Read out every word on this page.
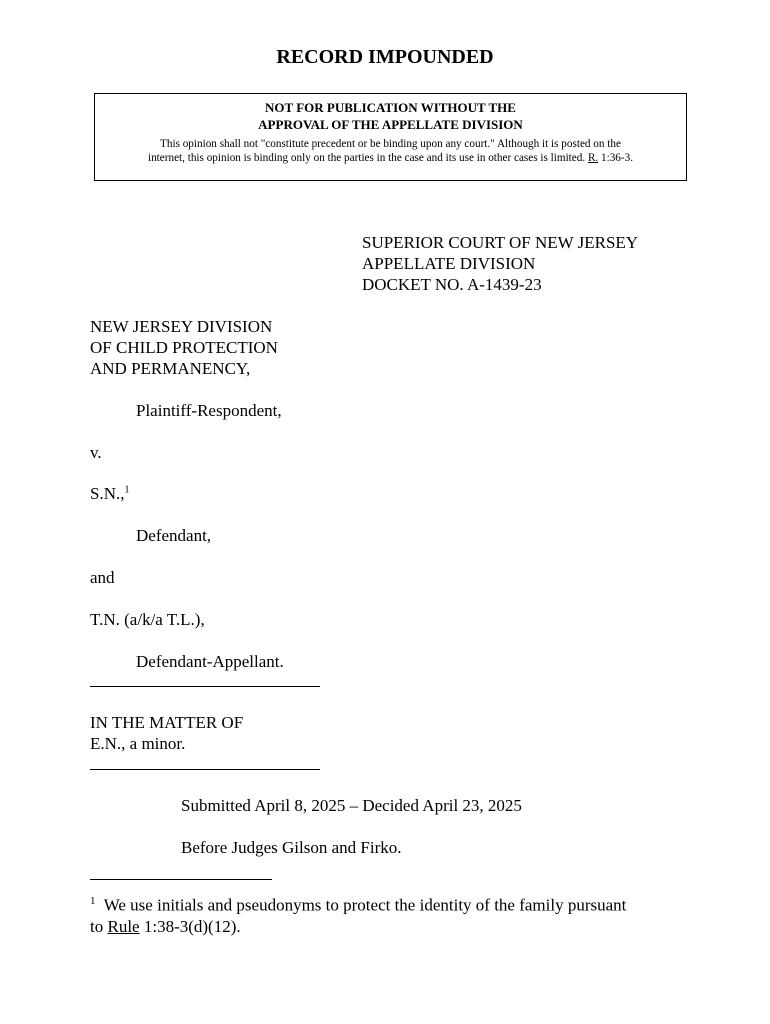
RECORD IMPOUNDED
NOT FOR PUBLICATION WITHOUT THE
APPROVAL OF THE APPELLATE DIVISION
This opinion shall not "constitute precedent or be binding upon any court." Although it is posted on the
internet, this opinion is binding only on the parties in the case and its use in other cases is limited. R. 1:36-3.
SUPERIOR COURT OF NEW JERSEY
APPELLATE DIVISION
DOCKET NO. A-1439-23
NEW JERSEY DIVISION
OF CHILD PROTECTION
AND PERMANENCY,
Plaintiff-Respondent,
v.
S.N.,$^1$
Defendant,
and
T.N. (a/k/a T.L.),
Defendant-Appellant.
IN THE MATTER OF
E.N., a minor.
Submitted April 8, 2025 – Decided April 23, 2025
Before Judges Gilson and Firko.
$^1$ We use initials and pseudonyms to protect the identity of the family pursuant
to Rule 1:38-3(d)(12).
